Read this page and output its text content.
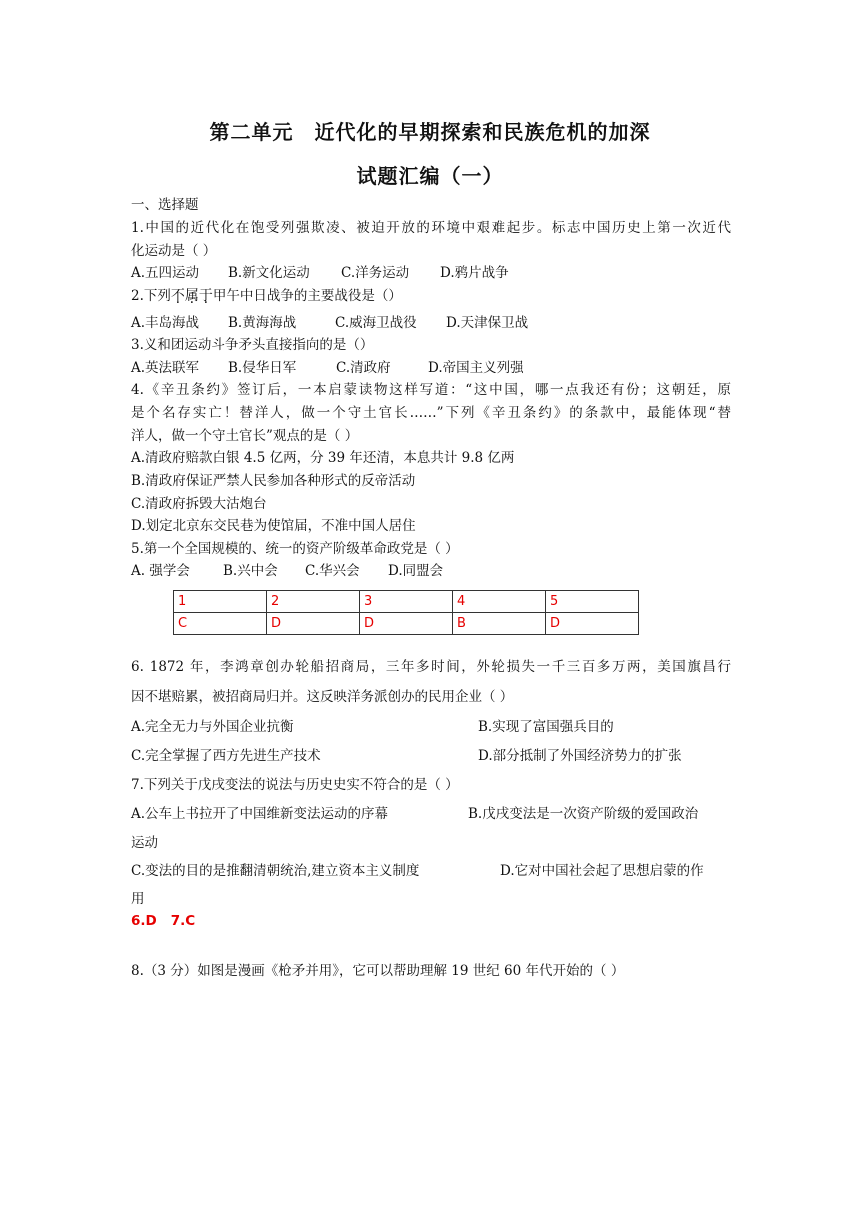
第二单元　近代化的早期探索和民族危机的加深
试题汇编（一）
一、选择题
1.中国的近代化在饱受列强欺凌、被迫开放的环境中艰难起步。标志中国历史上第一次近代
化运动是（ ）
A.五四运动 B.新文化运动 C.洋务运动 D.鸦片战争
2.下列不属于甲午中日战争的主要战役是（）
A.丰岛海战 B.黄海海战	C.威海卫战役 D.天津保卫战
3.义和团运动斗争矛头直接指向的是（）
A.英法联军 B.侵华日军	C.清政府	D.帝国主义列强
4.《辛丑条约》签订后，一本启蒙读物这样写道：“这中国，哪一点我还有份；这朝廷，原
是个名存实亡！替洋人，做一个守土官长……”下列《辛丑条约》的条款中，最能体现“替
洋人，做一个守土官长”观点的是（ ）
A.清政府赔款白银 4.5 亿两，分 39 年还清，本息共计 9.8 亿两
B.清政府保证严禁人民参加各种形式的反帝活动
C.清政府拆毁大沽炮台
D.划定北京东交民巷为使馆届，不准中国人居住
5.第一个全国规模的、统一的资产阶级革命政党是（ ）
A. 强学会 B.兴中会 C.华兴会 D.同盟会
1	2	3	4	5
C	D	D	B	D
6. 1872 年，李鸿章创办轮船招商局，三年多时间，外轮损失一千三百多万两，美国旗昌行
因不堪赔累，被招商局归并。这反映洋务派创办的民用企业（ ）
A.完全无力与外国企业抗衡	B.实现了富国强兵目的
C.完全掌握了西方先进生产技术	D.部分抵制了外国经济势力的扩张
7.下列关于戊戌变法的说法与历史史实不符合的是（ ）
A.公车上书拉开了中国维新变法运动的序幕	B.戊戌变法是一次资产阶级的爱国政治
运动
C.变法的目的是推翻清朝统治,建立资本主义制度	D.它对中国社会起了思想启蒙的作
用
6.D 7.C
8.（3 分）如图是漫画《枪矛并用》，它可以帮助理解 19 世纪 60 年代开始的（ ）
